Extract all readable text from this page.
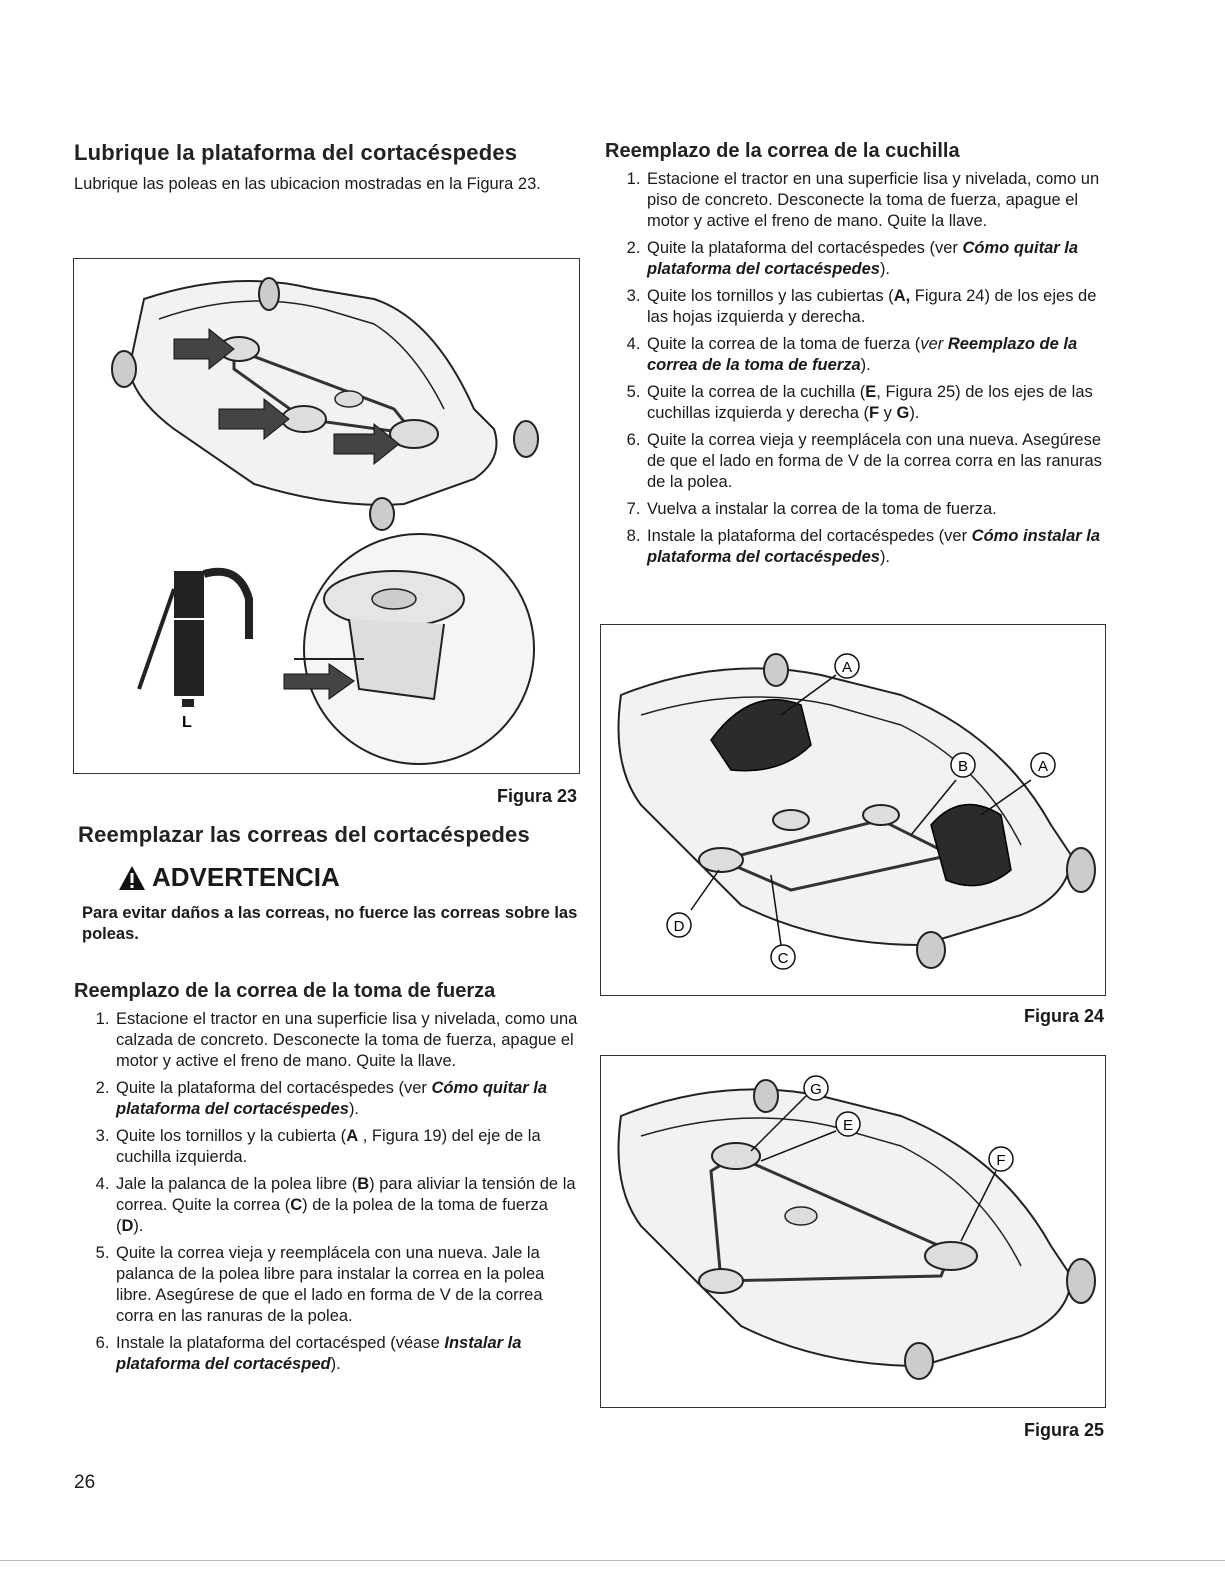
Lubrique la plataforma del cortacéspedes

Lubrique las poleas en las ubicacion mostradas en la Figura 23.

L
Figura 23
Reemplazar las correas del cortacéspedes
ADVERTENCIA

Para evitar daños a las correas, no fuerce las correas sobre las poleas.

Reemplazo de la correa de la toma de fuerza
1. Estacione el tractor en una superficie lisa y nivelada, como una calzada de concreto. Desconecte la toma de fuerza, apague el motor y active el freno de mano. Quite la llave.
2. Quite la plataforma del cortacéspedes (ver Cómo quitar la plataforma del cortacéspedes).
3. Quite los tornillos y la cubierta (A , Figura 19) del eje de la cuchilla izquierda.
4. Jale la palanca de la polea libre (B) para aliviar la tensión de la correa. Quite la correa (C) de la polea de la toma de fuerza (D).
5. Quite la correa vieja y reemplácela con una nueva. Jale la palanca de la polea libre para instalar la correa en la polea libre. Asegúrese de que el lado en forma de V de la correa corra en las ranuras de la polea.
6. Instale la plataforma del cortacésped (véase Instalar la plataforma del cortacésped).
Reemplazo de la correa de la cuchilla
1. Estacione el tractor en una superficie lisa y nivelada, como un piso de concreto. Desconecte la toma de fuerza, apague el motor y active el freno de mano. Quite la llave.
2. Quite la plataforma del cortacéspedes (ver Cómo quitar la plataforma del cortacéspedes).
3. Quite los tornillos y las cubiertas (A, Figura 24) de los ejes de las hojas izquierda y derecha.
4. Quite la correa de la toma de fuerza (ver Reemplazo de la correa de la toma de fuerza).
5. Quite la correa de la cuchilla (E, Figura 25) de los ejes de las cuchillas izquierda y derecha (F y G).
6. Quite la correa vieja y reemplácela con una nueva. Asegúrese de que el lado en forma de V de la correa corra en las ranuras de la polea.
7. Vuelva a instalar la correa de la toma de fuerza.
8. Instale la plataforma del cortacéspedes (ver Cómo instalar la plataforma del cortacéspedes).
A
B	A
D
C
Figura 24
G
E
F
Figura 25
26
